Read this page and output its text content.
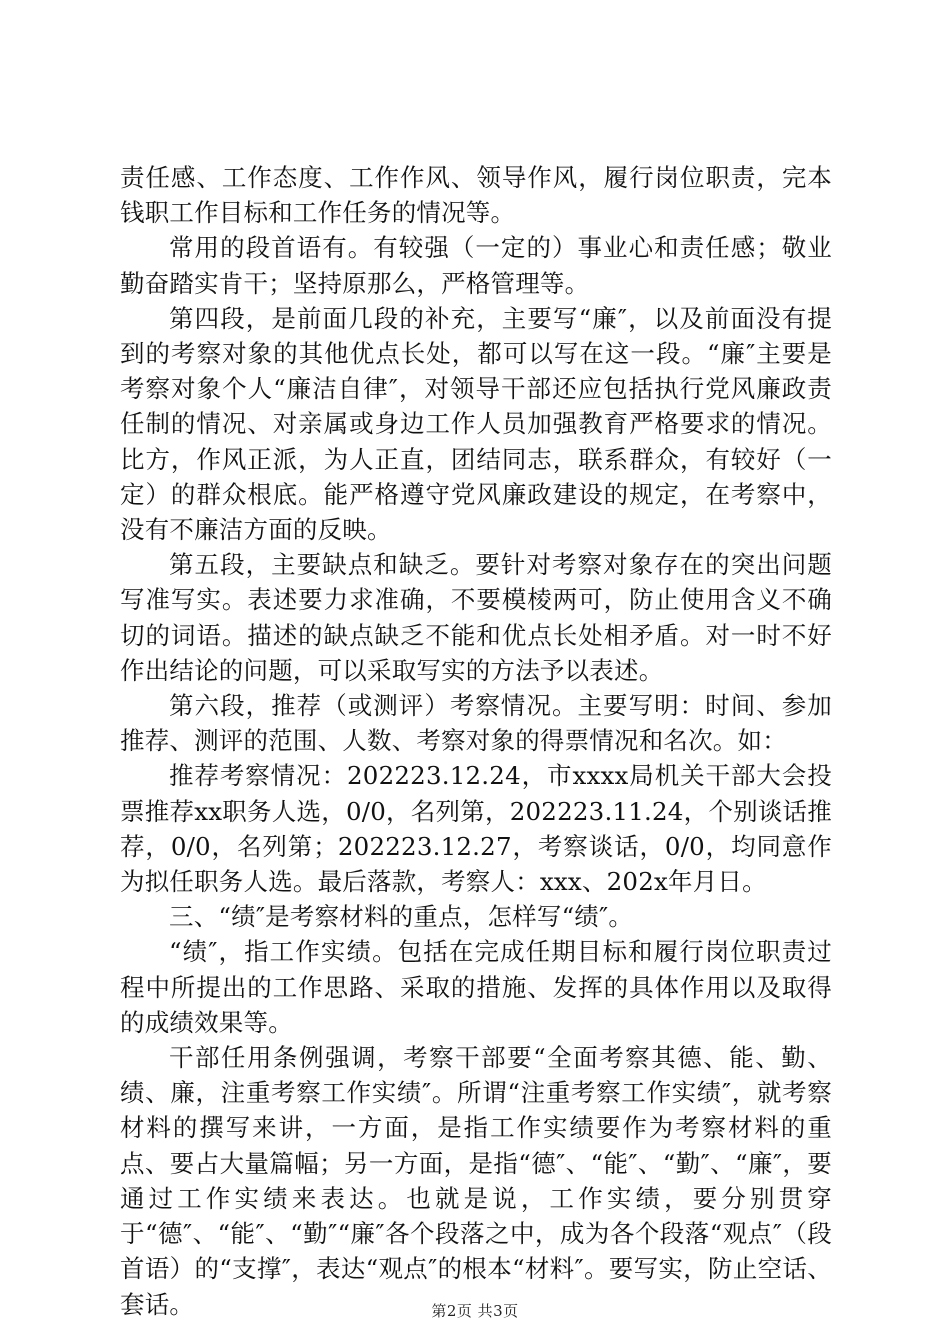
责任感、工作态度、工作作风、领导作风，履行岗位职责，完本钱职工作目标和工作任务的情况等。

常用的段首语有。有较强（一定的）事业心和责任感；敬业勤奋踏实肯干；坚持原那么，严格管理等。

第四段，是前面几段的补充，主要写“廉″，以及前面没有提到的考察对象的其他优点长处，都可以写在这一段。“廉″主要是考察对象个人“廉洁自律″，对领导干部还应包括执行党风廉政责任制的情况、对亲属或身边工作人员加强教育严格要求的情况。比方，作风正派，为人正直，团结同志，联系群众，有较好（一定）的群众根底。能严格遵守党风廉政建设的规定，在考察中，没有不廉洁方面的反映。

第五段，主要缺点和缺乏。要针对考察对象存在的突出问题写准写实。表述要力求准确，不要模棱两可，防止使用含义不确切的词语。描述的缺点缺乏不能和优点长处相矛盾。对一时不好作出结论的问题，可以采取写实的方法予以表述。

第六段，推荐（或测评）考察情况。主要写明：时间、参加推荐、测评的范围、人数、考察对象的得票情况和名次。如：

推荐考察情况：202223.12.24，市xxxx局机关干部大会投票推荐xx职务人选，0/0，名列第，202223.11.24，个别谈话推荐，0/0，名列第；202223.12.27，考察谈话，0/0，均同意作为拟任职务人选。最后落款，考察人：xxx、202x年月日。

三、“绩″是考察材料的重点，怎样写“绩″。

“绩″，指工作实绩。包括在完成任期目标和履行岗位职责过程中所提出的工作思路、采取的措施、发挥的具体作用以及取得的成绩效果等。

干部任用条例强调，考察干部要“全面考察其德、能、勤、绩、廉，注重考察工作实绩″。所谓“注重考察工作实绩″，就考察材料的撰写来讲，一方面，是指工作实绩要作为考察材料的重点、要占大量篇幅；另一方面，是指“德″、“能″、“勤″、“廉″，要通过工作实绩来表达。也就是说，工作实绩，要分别贯穿于“德″、“能″、“勤″“廉″各个段落之中，成为各个段落“观点″（段首语）的“支撑″，表达“观点″的根本“材料″。要写实，防止空话、套话。	第2页 共3页
